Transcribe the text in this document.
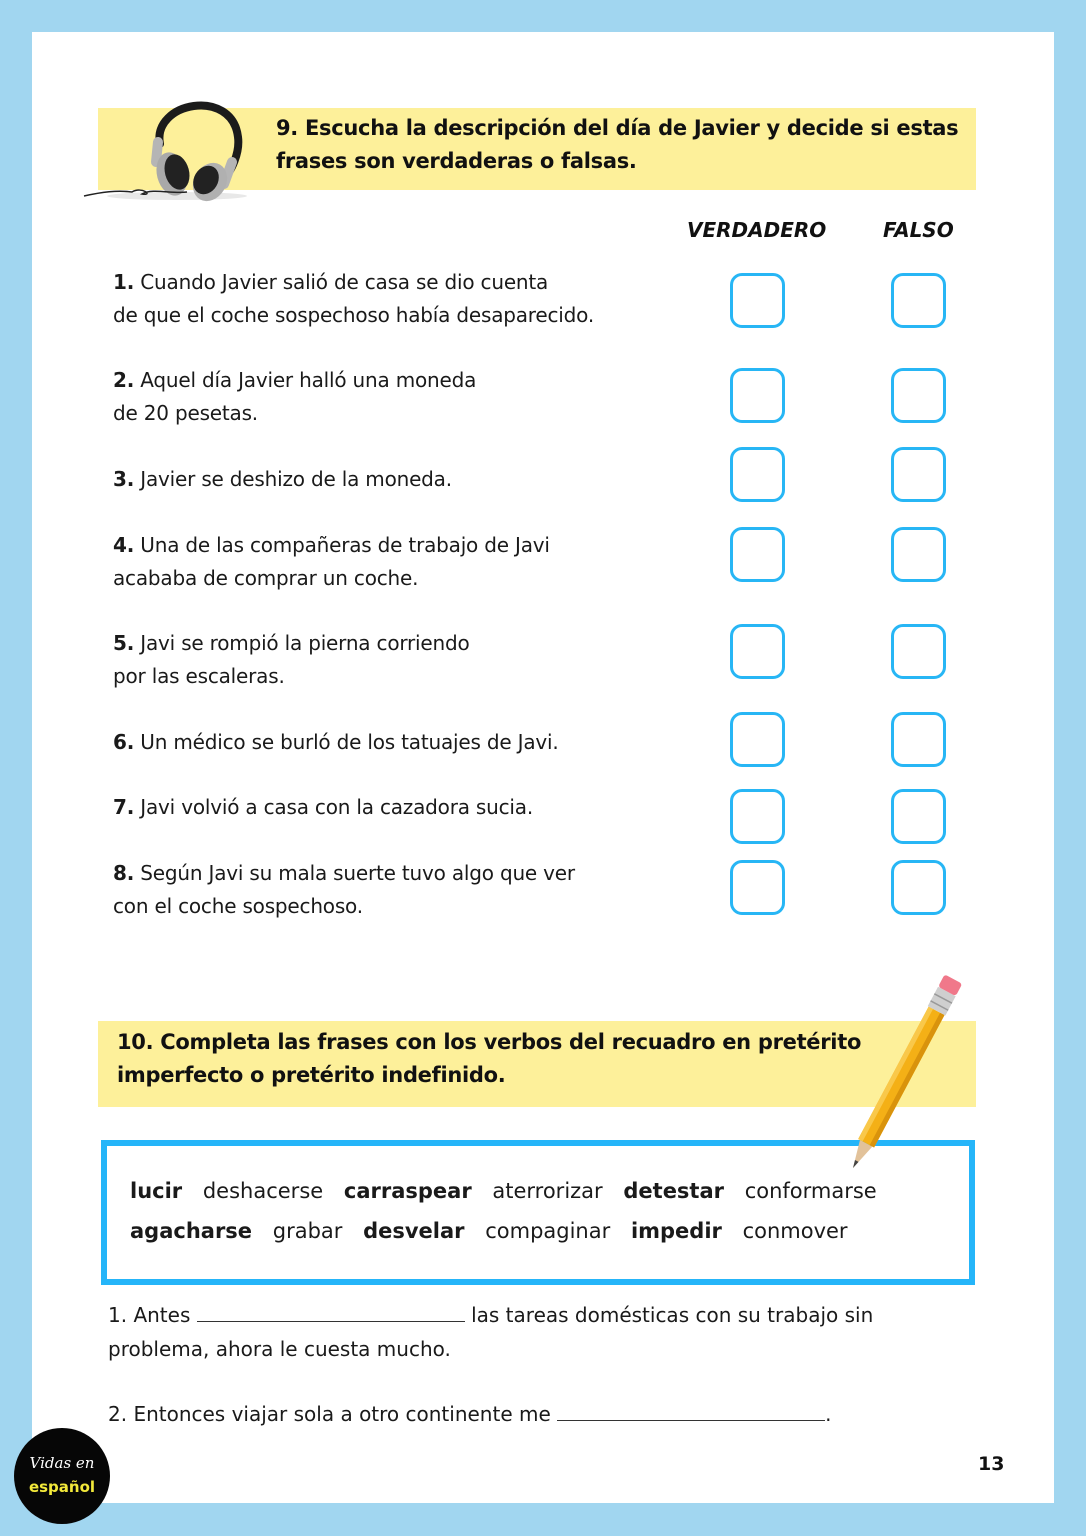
9. Escucha la descripción del día de Javier y decide si estas
frases son verdaderas o falsas.
VERDADERO	FALSO
1. Cuando Javier salió de casa se dio cuenta
de que el coche sospechoso había desaparecido.
2. Aquel día Javier halló una moneda
de 20 pesetas.
3. Javier se deshizo de la moneda.
4. Una de las compañeras de trabajo de Javi
acababa de comprar un coche.
5. Javi se rompió la pierna corriendo
por las escaleras.
6. Un médico se burló de los tatuajes de Javi.
7. Javi volvió a casa con la cazadora sucia.
8. Según Javi su mala suerte tuvo algo que ver
con el coche sospechoso.
10. Completa las frases con los verbos del recuadro en pretérito
imperfecto o pretérito indefinido.
lucir deshacerse carraspear aterrorizar detestar conformarse
agacharse grabar desvelar compaginar impedir conmover
1. Antes	las tareas domésticas con su trabajo sin problema, ahora le cuesta mucho.
2. Entonces viajar sola a otro continente me	.
Vidas en
español
13
